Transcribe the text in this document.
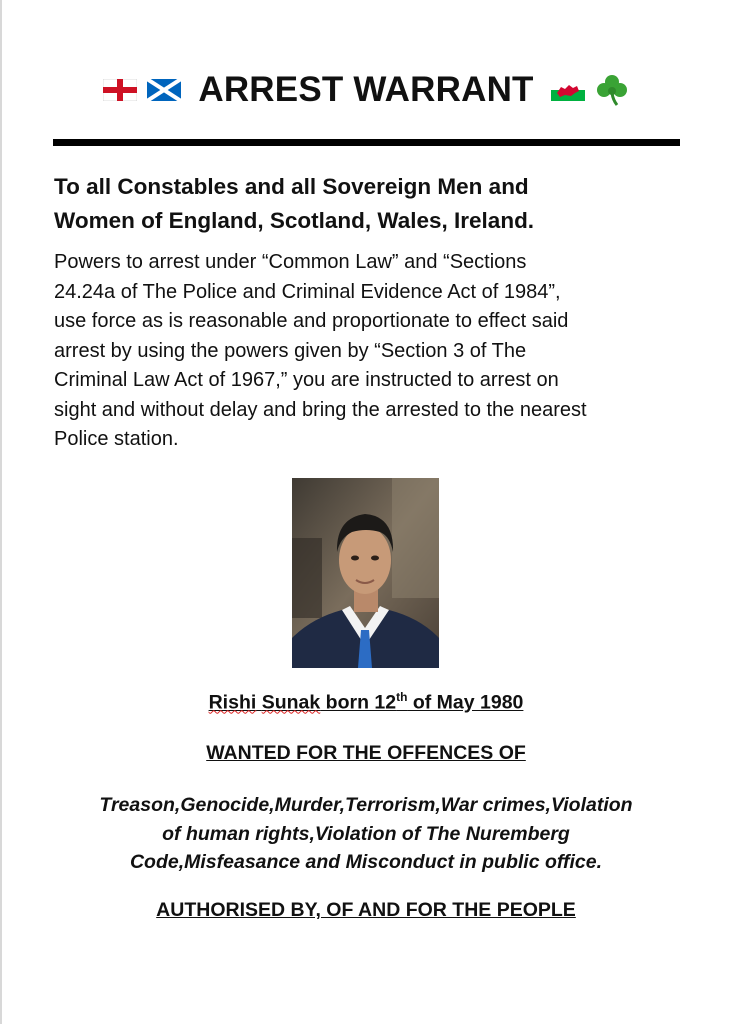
ARREST WARRANT
To all Constables and all Sovereign Men and
Women of England, Scotland, Wales, Ireland.
Powers to arrest under “Common Law” and “Sections
24.24a of The Police and Criminal Evidence Act of 1984”,
use force as is reasonable and proportionate to effect said
arrest by using the powers given by “Section 3 of The
Criminal Law Act of 1967,” you are instructed to arrest on
sight and without delay and bring the arrested to the nearest
Police station.
Rishi Sunak born 12th of May 1980
WANTED FOR THE OFFENCES OF
Treason,Genocide,Murder,Terrorism,War crimes,Violation
of human rights,Violation of The Nuremberg
Code,Misfeasance and Misconduct in public office.
AUTHORISED BY, OF AND FOR THE PEOPLE
